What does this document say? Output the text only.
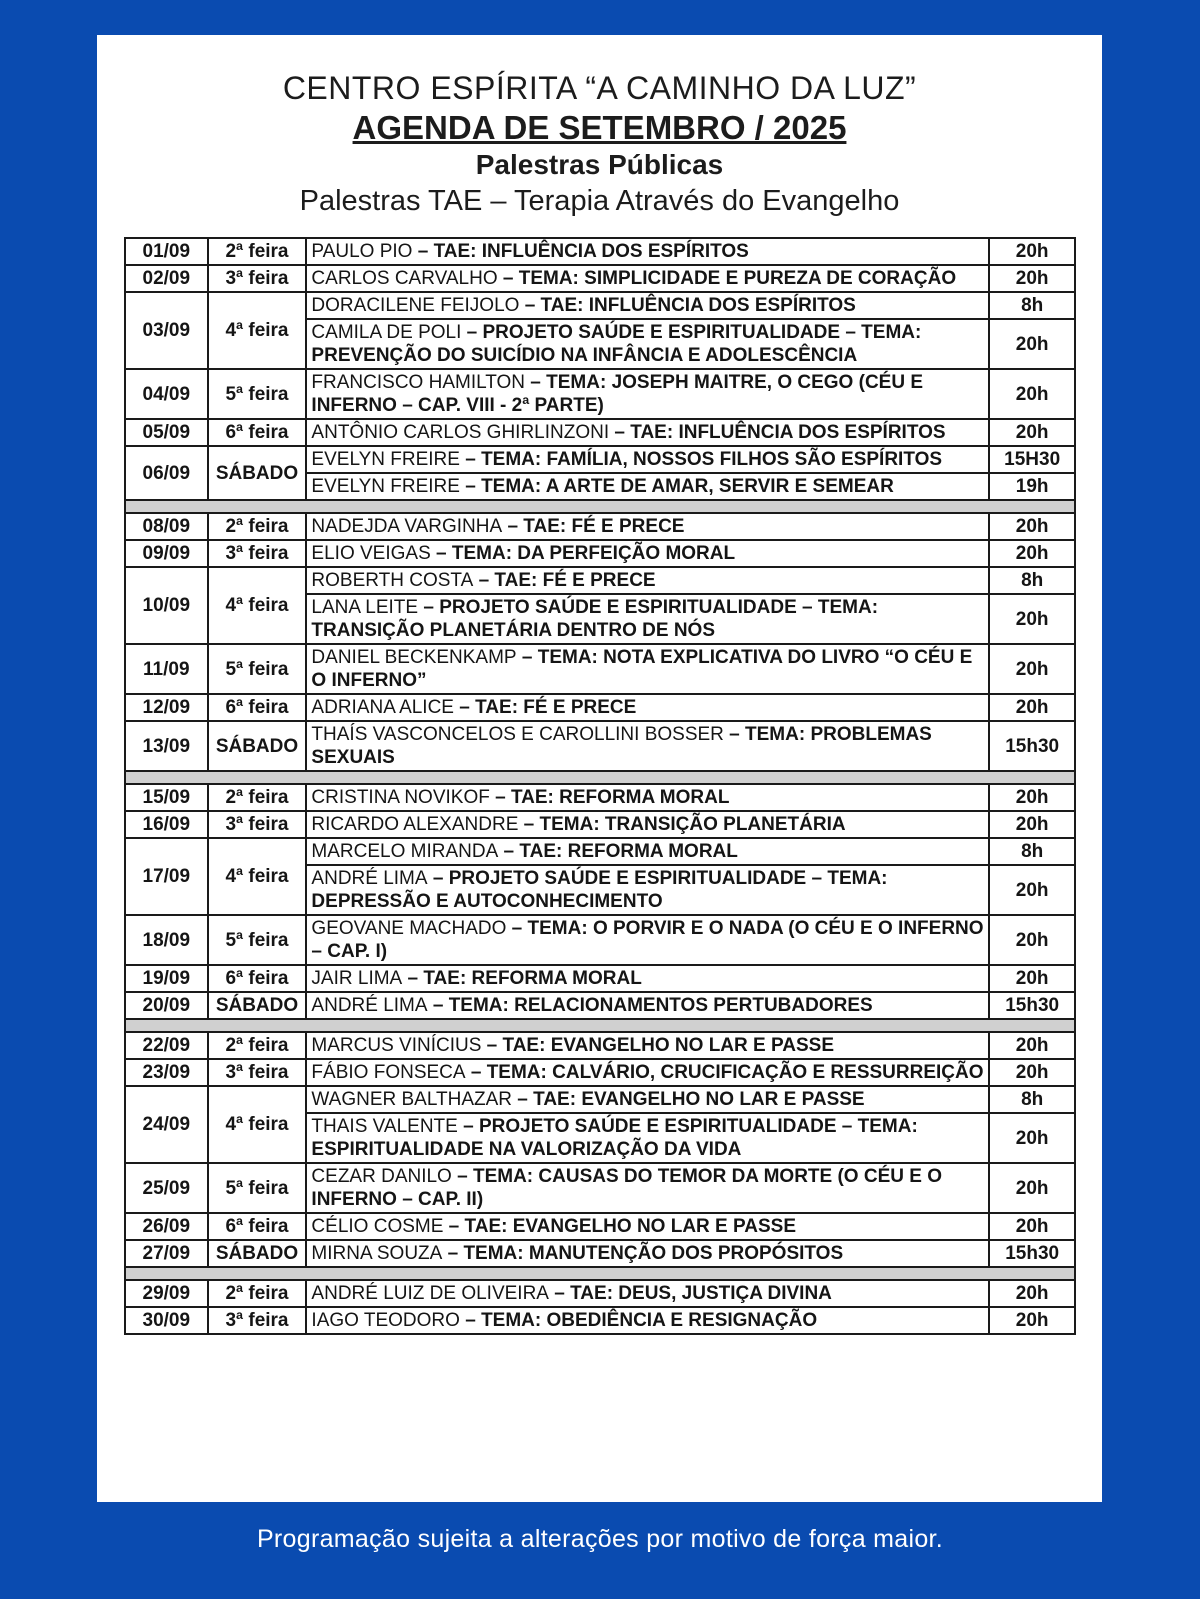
CENTRO ESPÍRITA “A CAMINHO DA LUZ”
AGENDA DE SETEMBRO / 2025
Palestras Públicas
Palestras TAE – Terapia Através do Evangelho
01/09	2ª feira	PAULO PIO – TAE: INFLUÊNCIA DOS ESPÍRITOS	20h
02/09	3ª feira	CARLOS CARVALHO – TEMA: SIMPLICIDADE E PUREZA DE CORAÇÃO	20h
03/09	4ª feira	DORACILENE FEIJOLO – TAE: INFLUÊNCIA DOS ESPÍRITOS	8h
		CAMILA DE POLI – PROJETO SAÚDE E ESPIRITUALIDADE – TEMA: PREVENÇÃO DO SUICÍDIO NA INFÂNCIA E ADOLESCÊNCIA	20h
04/09	5ª feira	FRANCISCO HAMILTON – TEMA: JOSEPH MAITRE, O CEGO (CÉU E INFERNO – CAP. VIII - 2ª PARTE)	20h
05/09	6ª feira	ANTÔNIO CARLOS GHIRLINZONI – TAE: INFLUÊNCIA DOS ESPÍRITOS	20h
06/09	SÁBADO	EVELYN FREIRE – TEMA: FAMÍLIA, NOSSOS FILHOS SÃO ESPÍRITOS	15H30
		EVELYN FREIRE – TEMA: A ARTE DE AMAR, SERVIR E SEMEAR	19h

08/09	2ª feira	NADEJDA VARGINHA – TAE: FÉ E PRECE	20h
09/09	3ª feira	ELIO VEIGAS – TEMA: DA PERFEIÇÃO MORAL	20h
10/09	4ª feira	ROBERTH COSTA – TAE: FÉ E PRECE	8h
		LANA LEITE – PROJETO SAÚDE E ESPIRITUALIDADE – TEMA: TRANSIÇÃO PLANETÁRIA DENTRO DE NÓS	20h
11/09	5ª feira	DANIEL BECKENKAMP – TEMA: NOTA EXPLICATIVA DO LIVRO “O CÉU E O INFERNO”	20h
12/09	6ª feira	ADRIANA ALICE – TAE: FÉ E PRECE	20h
13/09	SÁBADO	THAÍS VASCONCELOS E CAROLLINI BOSSER – TEMA: PROBLEMAS SEXUAIS	15h30

15/09	2ª feira	CRISTINA NOVIKOF – TAE: REFORMA MORAL	20h
16/09	3ª feira	RICARDO ALEXANDRE – TEMA: TRANSIÇÃO PLANETÁRIA	20h
17/09	4ª feira	MARCELO MIRANDA – TAE: REFORMA MORAL	8h
		ANDRÉ LIMA – PROJETO SAÚDE E ESPIRITUALIDADE – TEMA: DEPRESSÃO E AUTOCONHECIMENTO	20h
18/09	5ª feira	GEOVANE MACHADO – TEMA: O PORVIR E O NADA (O CÉU E O INFERNO – CAP. I)	20h
19/09	6ª feira	JAIR LIMA – TAE: REFORMA MORAL	20h
20/09	SÁBADO	ANDRÉ LIMA – TEMA: RELACIONAMENTOS PERTUBADORES	15h30

22/09	2ª feira	MARCUS VINÍCIUS – TAE: EVANGELHO NO LAR E PASSE	20h
23/09	3ª feira	FÁBIO FONSECA – TEMA: CALVÁRIO, CRUCIFICAÇÃO E RESSURREIÇÃO	20h
24/09	4ª feira	WAGNER BALTHAZAR – TAE: EVANGELHO NO LAR E PASSE	8h
		THAIS VALENTE – PROJETO SAÚDE E ESPIRITUALIDADE – TEMA: ESPIRITUALIDADE NA VALORIZAÇÃO DA VIDA	20h
25/09	5ª feira	CEZAR DANILO – TEMA: CAUSAS DO TEMOR DA MORTE (O CÉU E O INFERNO – CAP. II)	20h
26/09	6ª feira	CÉLIO COSME – TAE: EVANGELHO NO LAR E PASSE	20h
27/09	SÁBADO	MIRNA SOUZA – TEMA: MANUTENÇÃO DOS PROPÓSITOS	15h30

29/09	2ª feira	ANDRÉ LUIZ DE OLIVEIRA – TAE: DEUS, JUSTIÇA DIVINA	20h
30/09	3ª feira	IAGO TEODORO – TEMA: OBEDIÊNCIA E RESIGNAÇÃO	20h
Programação sujeita a alterações por motivo de força maior.
